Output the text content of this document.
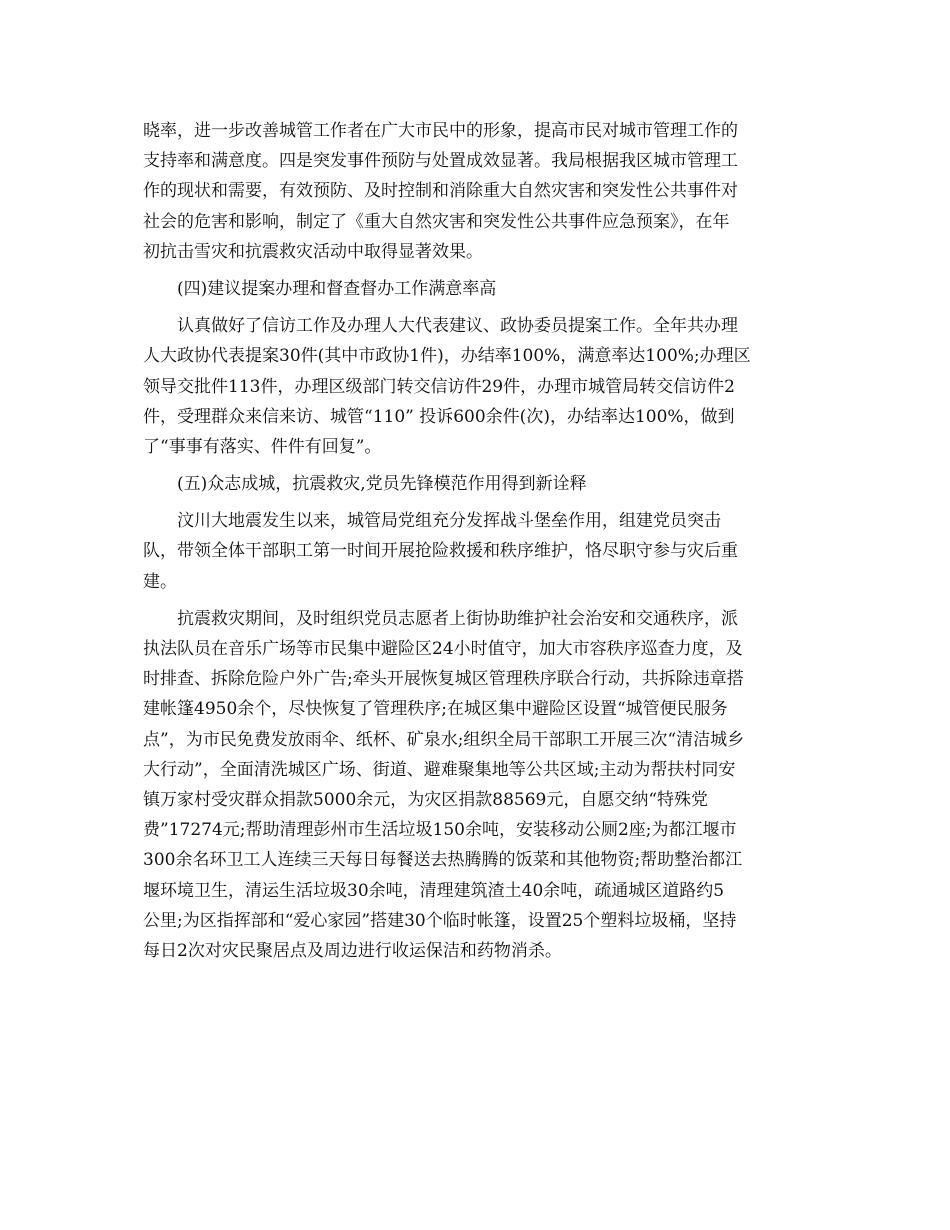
晓率，进一步改善城管工作者在广大市民中的形象，提高市民对城市管理工作的
支持率和满意度。四是突发事件预防与处置成效显著。我局根据我区城市管理工
作的现状和需要，有效预防、及时控制和消除重大自然灾害和突发性公共事件对
社会的危害和影响，制定了《重大自然灾害和突发性公共事件应急预案》，在年
初抗击雪灾和抗震救灾活动中取得显著效果。
(四)建议提案办理和督查督办工作满意率高
认真做好了信访工作及办理人大代表建议、政协委员提案工作。全年共办理
人大政协代表提案30件(其中市政协1件)，办结率100%，满意率达100%;办理区
领导交批件113件，办理区级部门转交信访件29件，办理市城管局转交信访件2
件，受理群众来信来访、城管“110” 投诉600余件(次)，办结率达100%，做到
了“事事有落实、件件有回复”。
(五)众志成城，抗震救灾,党员先锋模范作用得到新诠释
汶川大地震发生以来，城管局党组充分发挥战斗堡垒作用，组建党员突击
队，带领全体干部职工第一时间开展抢险救援和秩序维护，恪尽职守参与灾后重
建。
抗震救灾期间，及时组织党员志愿者上街协助维护社会治安和交通秩序，派
执法队员在音乐广场等市民集中避险区24小时值守，加大市容秩序巡查力度，及
时排查、拆除危险户外广告;牵头开展恢复城区管理秩序联合行动，共拆除违章搭
建帐篷4950余个，尽快恢复了管理秩序;在城区集中避险区设置“城管便民服务
点”，为市民免费发放雨伞、纸杯、矿泉水;组织全局干部职工开展三次“清洁城乡
大行动”，全面清洗城区广场、街道、避难聚集地等公共区域;主动为帮扶村同安
镇万家村受灾群众捐款5000余元，为灾区捐款88569元，自愿交纳“特殊党
费”17274元;帮助清理彭州市生活垃圾150余吨，安装移动公厕2座;为都江堰市
300余名环卫工人连续三天每日每餐送去热腾腾的饭菜和其他物资;帮助整治都江
堰环境卫生，清运生活垃圾30余吨，清理建筑渣土40余吨，疏通城区道路约5
公里;为区指挥部和“爱心家园”搭建30个临时帐篷，设置25个塑料垃圾桶，坚持
每日2次对灾民聚居点及周边进行收运保洁和药物消杀。
